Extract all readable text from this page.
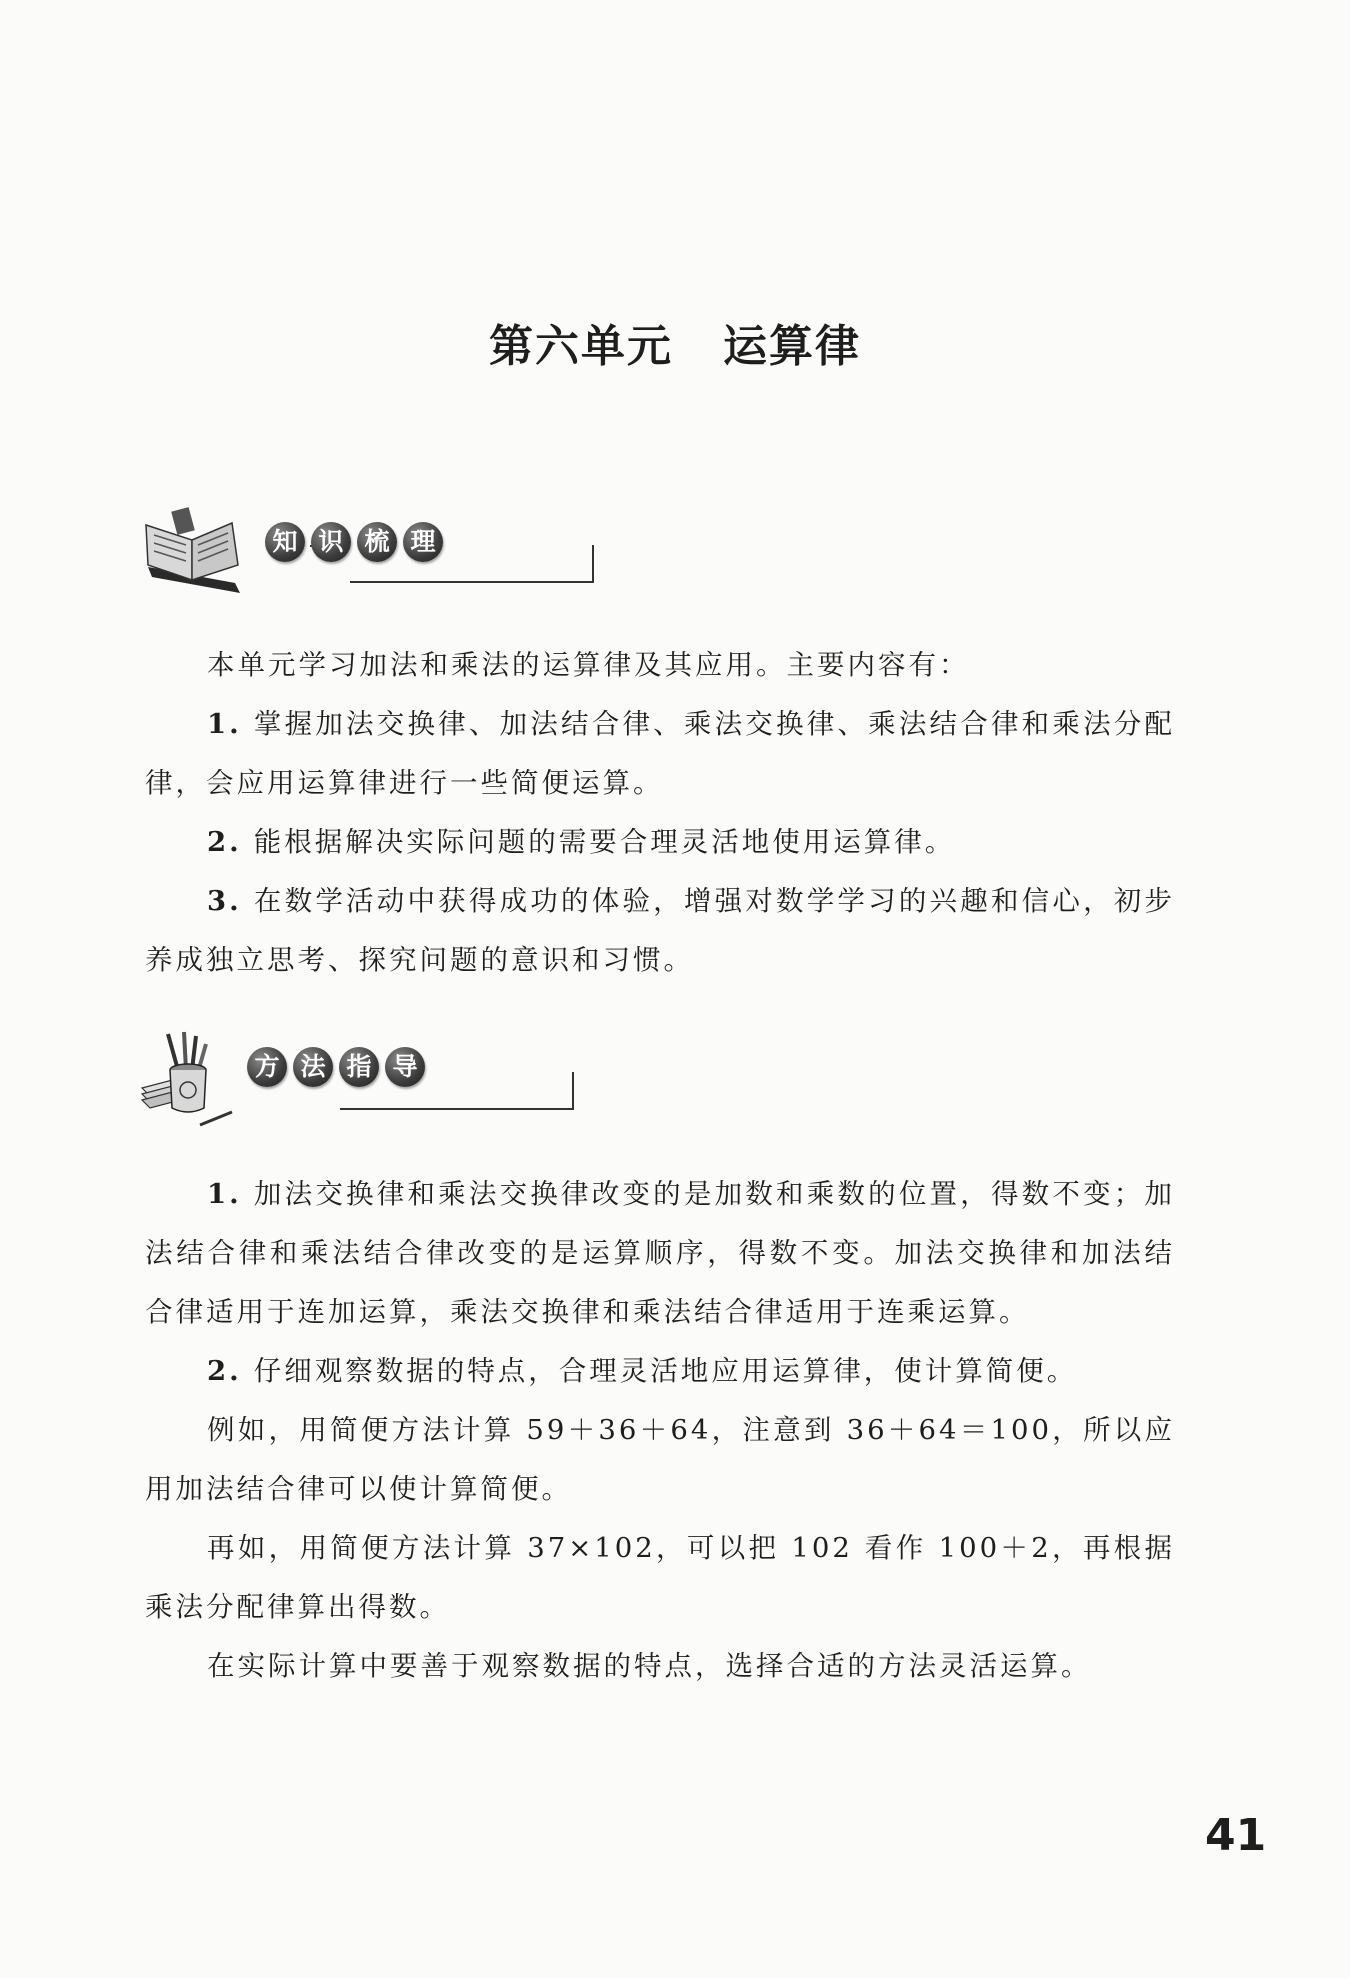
第六单元 运算律
知 识 梳 理
本单元学习加法和乘法的运算律及其应用。主要内容有：
1. 掌握加法交换律、加法结合律、乘法交换律、乘法结合律和乘法分配律，会应用运算律进行一些简便运算。
2. 能根据解决实际问题的需要合理灵活地使用运算律。
3. 在数学活动中获得成功的体验，增强对数学学习的兴趣和信心，初步养成独立思考、探究问题的意识和习惯。
方 法 指 导
1. 加法交换律和乘法交换律改变的是加数和乘数的位置，得数不变；加法结合律和乘法结合律改变的是运算顺序，得数不变。加法交换律和加法结合律适用于连加运算，乘法交换律和乘法结合律适用于连乘运算。
2. 仔细观察数据的特点，合理灵活地应用运算律，使计算简便。
例如，用简便方法计算 59＋36＋64，注意到 36＋64＝100，所以应用加法结合律可以使计算简便。
再如，用简便方法计算 37×102，可以把 102 看作 100＋2，再根据乘法分配律算出得数。
在实际计算中要善于观察数据的特点，选择合适的方法灵活运算。
41
